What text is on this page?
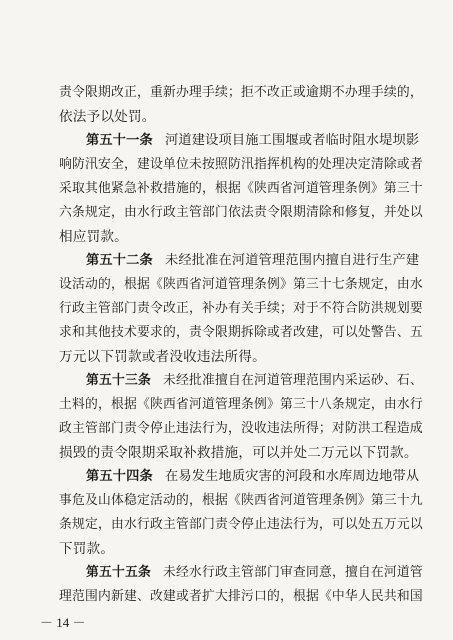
责令限期改正，重新办理手续；拒不改正或逾期不办理手续的，
依法予以处罚。
第五十一条 河道建设项目施工围堰或者临时阻水堤坝影
响防汛安全，建设单位未按照防汛指挥机构的处理决定清除或者
采取其他紧急补救措施的，根据《陕西省河道管理条例》第三十
六条规定，由水行政主管部门依法责令限期清除和修复，并处以
相应罚款。
第五十二条 未经批准在河道管理范围内擅自进行生产建
设活动的，根据《陕西省河道管理条例》第三十七条规定，由水
行政主管部门责令改正，补办有关手续；对于不符合防洪规划要
求和其他技术要求的，责令限期拆除或者改建，可以处警告、五
万元以下罚款或者没收违法所得。
第五十三条 未经批准擅自在河道管理范围内采运砂、石、
土料的，根据《陕西省河道管理条例》第三十八条规定，由水行
政主管部门责令停止违法行为，没收违法所得；对防洪工程造成
损毁的责令限期采取补救措施，可以并处二万元以下罚款。
第五十四条 在易发生地质灾害的河段和水库周边地带从
事危及山体稳定活动的，根据《陕西省河道管理条例》第三十九
条规定，由水行政主管部门责令停止违法行为，可以处五万元以
下罚款。
第五十五条 未经水行政主管部门审查同意，擅自在河道管
理范围内新建、改建或者扩大排污口的，根据《中华人民共和国
－ 14 －
